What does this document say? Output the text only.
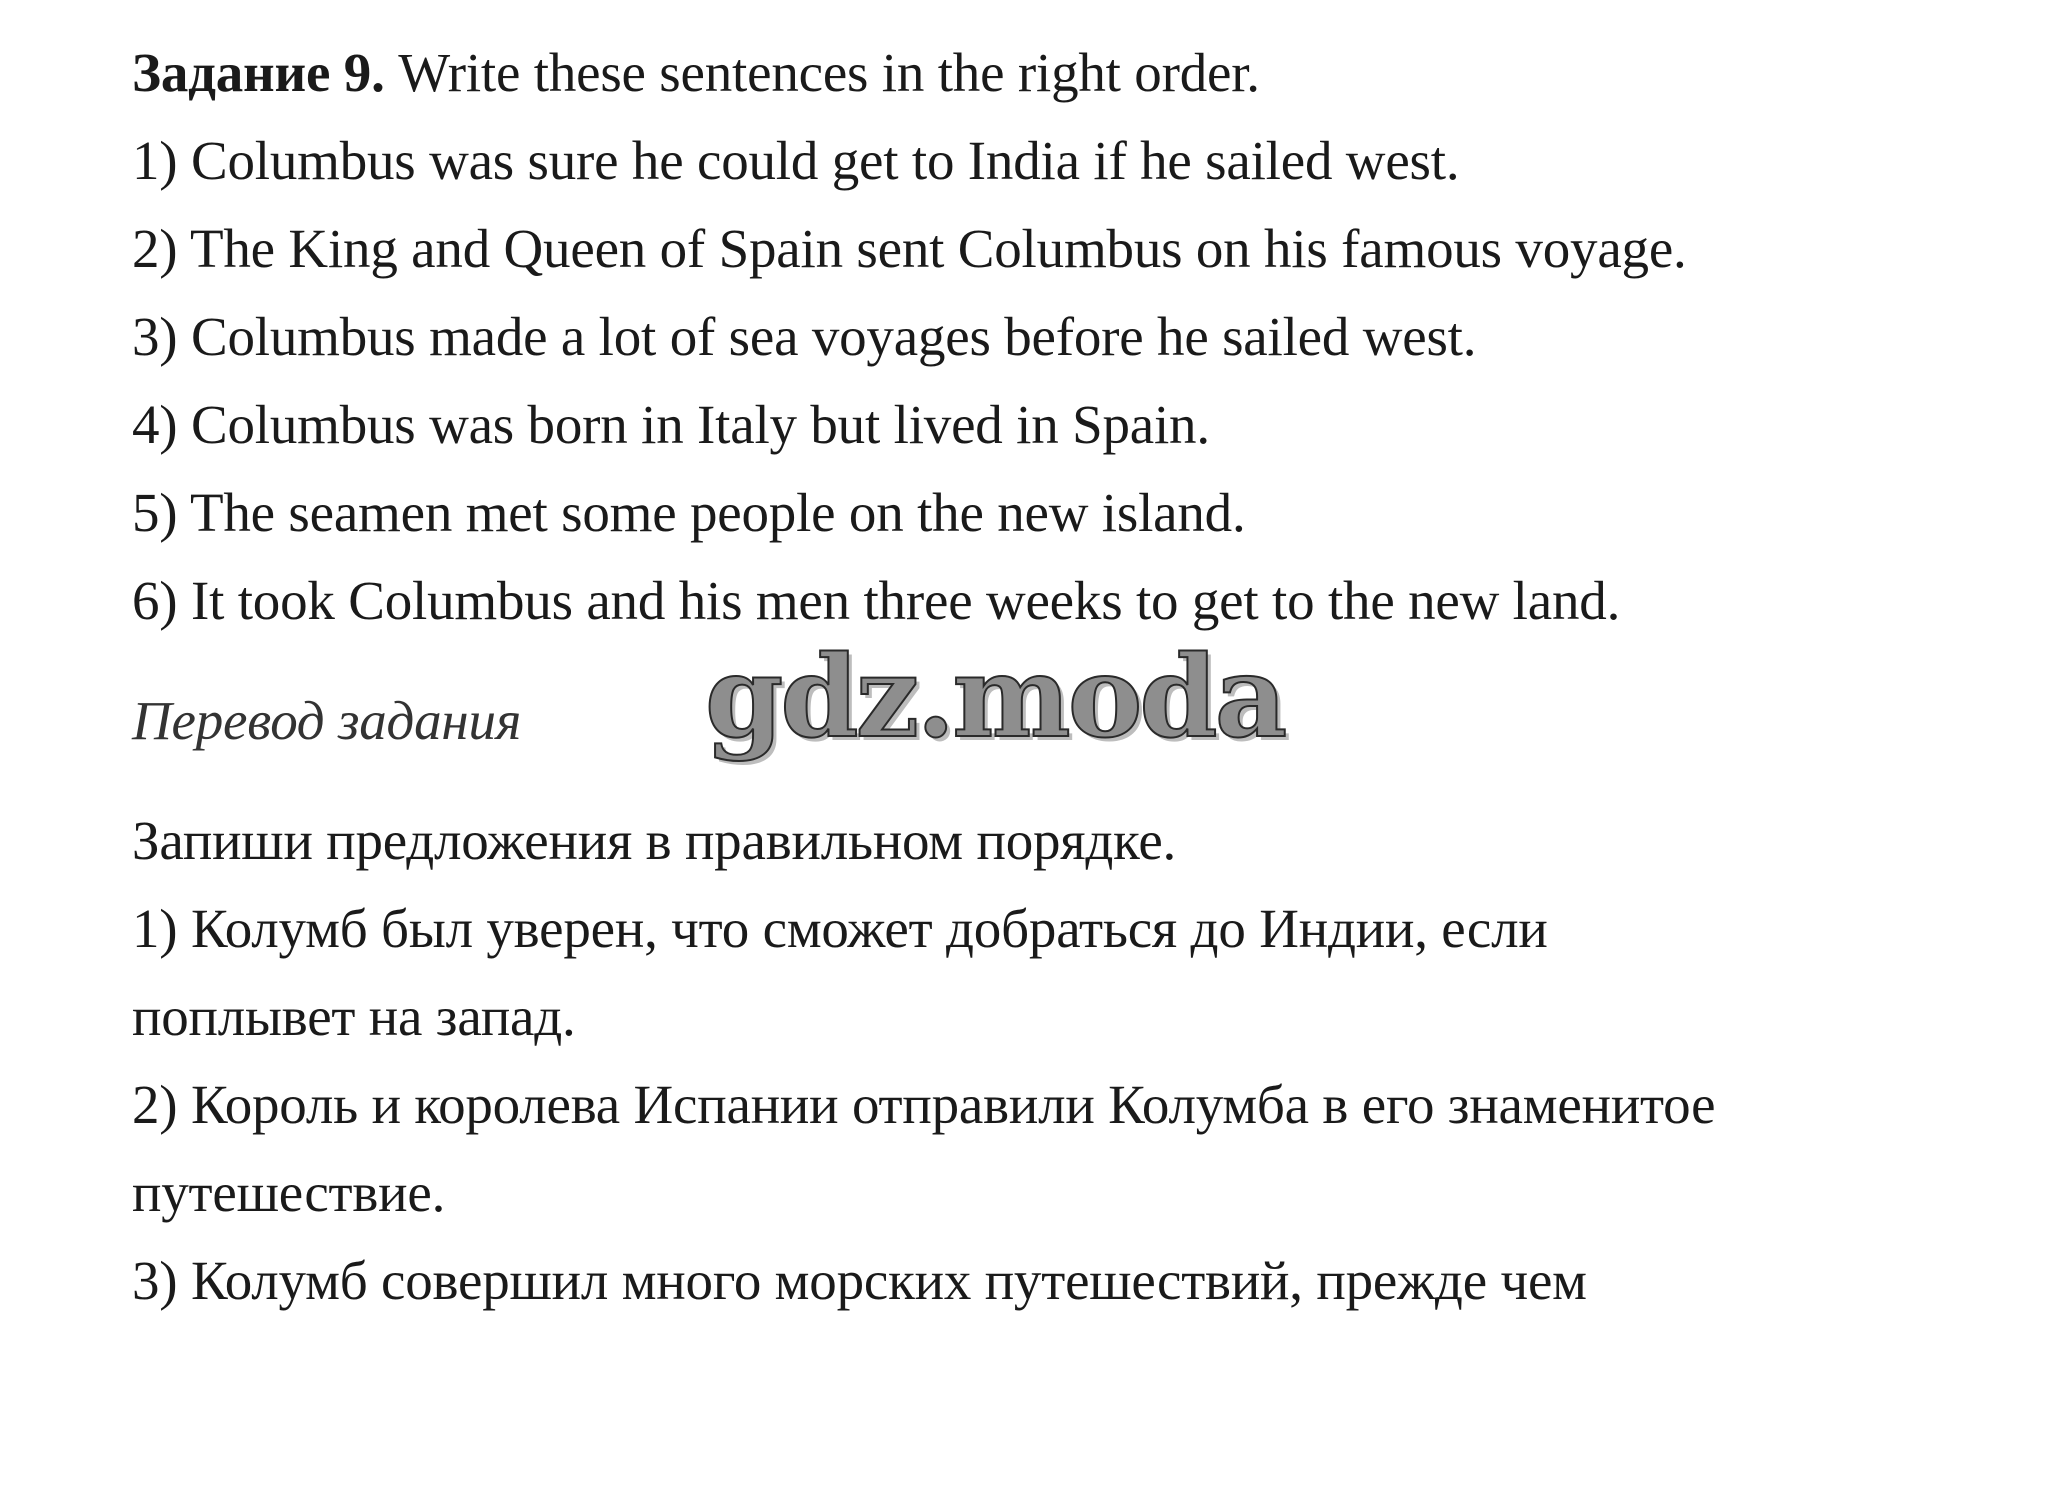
Задание 9. Write these sentences in the right order.
1) Columbus was sure he could get to India if he sailed west.
2) The King and Queen of Spain sent Columbus on his famous voyage.
3) Columbus made a lot of sea voyages before he sailed west.
4) Columbus was born in Italy but lived in Spain.
5) The seamen met some people on the new island.
6) It took Columbus and his men three weeks to get to the new land.
Перевод задания gdz.moda
Запиши предложения в правильном порядке.
1) Колумб был уверен, что сможет добраться до Индии, если
поплывет на запад.
2) Король и королева Испании отправили Колумба в его знаменитое
путешествие.
3) Колумб совершил много морских путешествий, прежде чем
